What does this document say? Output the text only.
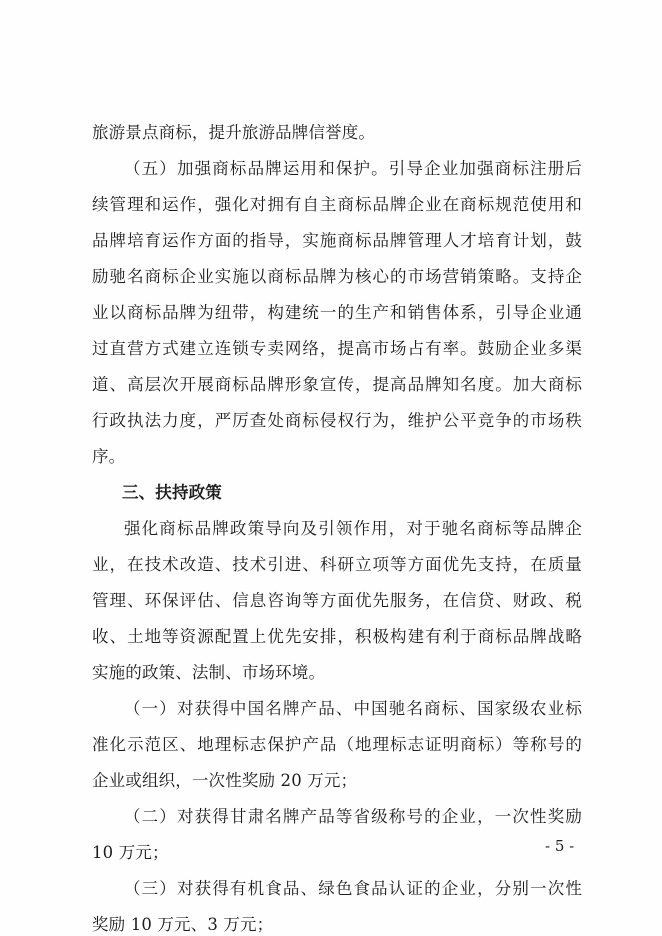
旅游景点商标，提升旅游品牌信誉度。
（五）加强商标品牌运用和保护。引导企业加强商标注册后
续管理和运作，强化对拥有自主商标品牌企业在商标规范使用和
品牌培育运作方面的指导，实施商标品牌管理人才培育计划，鼓
励驰名商标企业实施以商标品牌为核心的市场营销策略。支持企
业以商标品牌为纽带，构建统一的生产和销售体系，引导企业通
过直营方式建立连锁专卖网络，提高市场占有率。鼓励企业多渠
道、高层次开展商标品牌形象宣传，提高品牌知名度。加大商标
行政执法力度，严厉查处商标侵权行为，维护公平竞争的市场秩
序。
三、扶持政策
强化商标品牌政策导向及引领作用，对于驰名商标等品牌企
业，在技术改造、技术引进、科研立项等方面优先支持，在质量
管理、环保评估、信息咨询等方面优先服务，在信贷、财政、税
收、土地等资源配置上优先安排，积极构建有利于商标品牌战略
实施的政策、法制、市场环境。
（一）对获得中国名牌产品、中国驰名商标、国家级农业标
准化示范区、地理标志保护产品（地理标志证明商标）等称号的
企业或组织，一次性奖励 20 万元；
（二）对获得甘肃名牌产品等省级称号的企业，一次性奖励
10 万元；
（三）对获得有机食品、绿色食品认证的企业，分别一次性
奖励 10 万元、3 万元；
- 5 -
